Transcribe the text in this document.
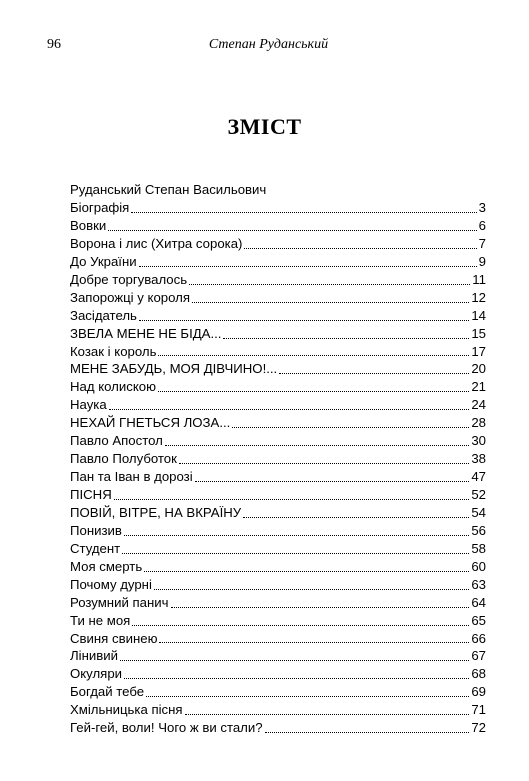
96	Степан Руданський
ЗМІСТ
Руданський Степан Васильович
Біографія	3
Вовки	6
Ворона і лис (Хитра сорока)	7
До України	9
Добре торгувалось	11
Запорожці у короля	12
Засідатель	14
ЗВЕЛА МЕНЕ НЕ БІДА...	15
Козак і король	17
МЕНЕ ЗАБУДЬ, МОЯ ДІВЧИНО!...	20
Над колискою	21
Наука	24
НЕХАЙ ГНЕТЬСЯ ЛОЗА...	28
Павло Апостол	30
Павло Полуботок	38
Пан та Іван в дорозі	47
ПІСНЯ	52
ПОВІЙ, ВІТРЕ, НА ВКРАЇНУ	54
Понизив	56
Студент	58
Моя смерть	60
Почому дурні	63
Розумний панич	64
Ти не моя	65
Свиня свинею	66
Лінивий	67
Окуляри	68
Богдай тебе	69
Хмільницька пісня	71
Гей-гей, воли! Чого ж ви стали?	72
